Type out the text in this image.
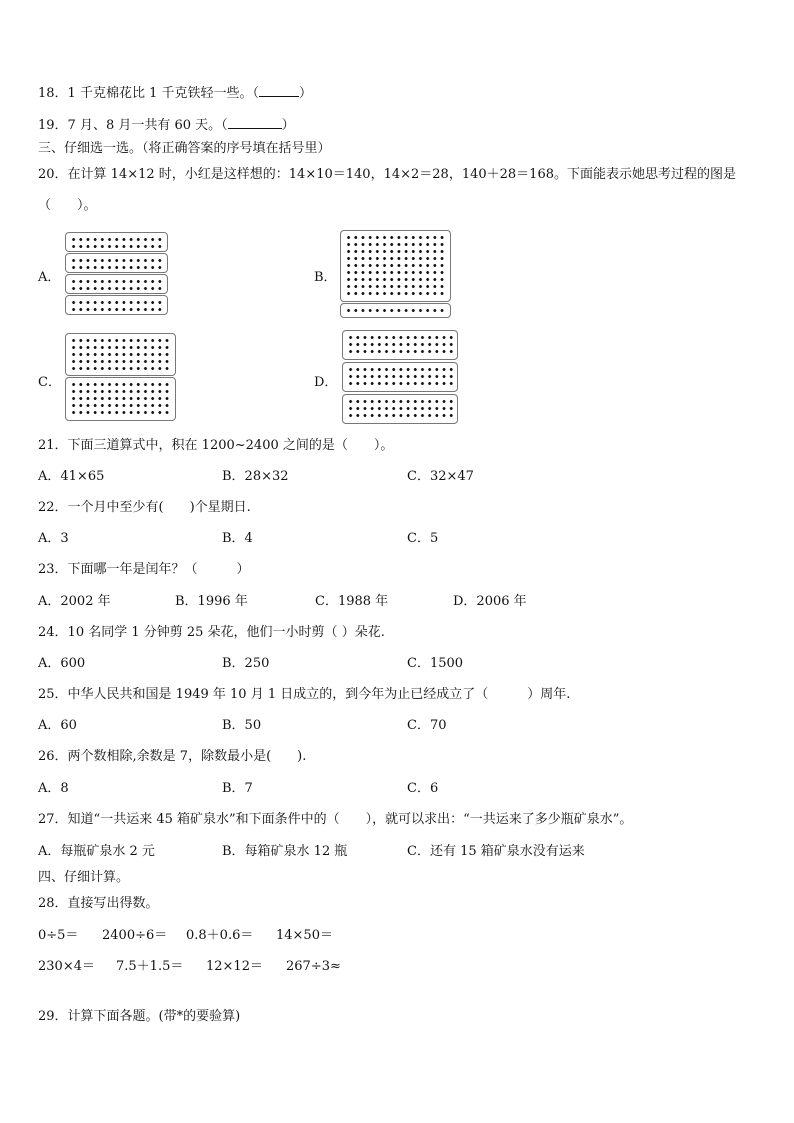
18．1 千克棉花比 1 千克铁轻一些。（	）
19．7 月、8 月一共有 60 天。（	）
三、仔细选一选。（将正确答案的序号填在括号里）
20．在计算 14×12 时，小红是这样想的：14×10＝140，14×2＝28，140＋28＝168。下面能表示她思考过程的图是
（　　）。
A．	B．
C．	D．
21．下面三道算式中，积在 1200~2400 之间的是（　　）。
A．41×65	B．28×32	C．32×47
22．一个月中至少有(　　)个星期日.
A．3	B．4	C．5
23．下面哪一年是闰年？（　　　）
A．2002 年	B．1996 年	C．1988 年	D．2006 年
24．10 名同学 1 分钟剪 25 朵花，他们一小时剪（ ）朵花.
A．600	B．250	C．1500
25．中华人民共和国是 1949 年 10 月 1 日成立的，到今年为止已经成立了（　　　）周年.
A．60	B．50	C．70
26．两个数相除,余数是 7，除数最小是(　　).
A．8	B．7	C．6
27．知道“一共运来 45 箱矿泉水”和下面条件中的（　　），就可以求出：“一共运来了多少瓶矿泉水”。
A．每瓶矿泉水 2 元	B．每箱矿泉水 12 瓶	C．还有 15 箱矿泉水没有运来
四、仔细计算。
28．直接写出得数。
0÷5＝ 2400÷6＝ 0.8＋0.6＝ 14×50＝
230×4＝ 7.5＋1.5＝ 12×12＝ 267÷3≈
29．计算下面各题。(带*的要验算)
